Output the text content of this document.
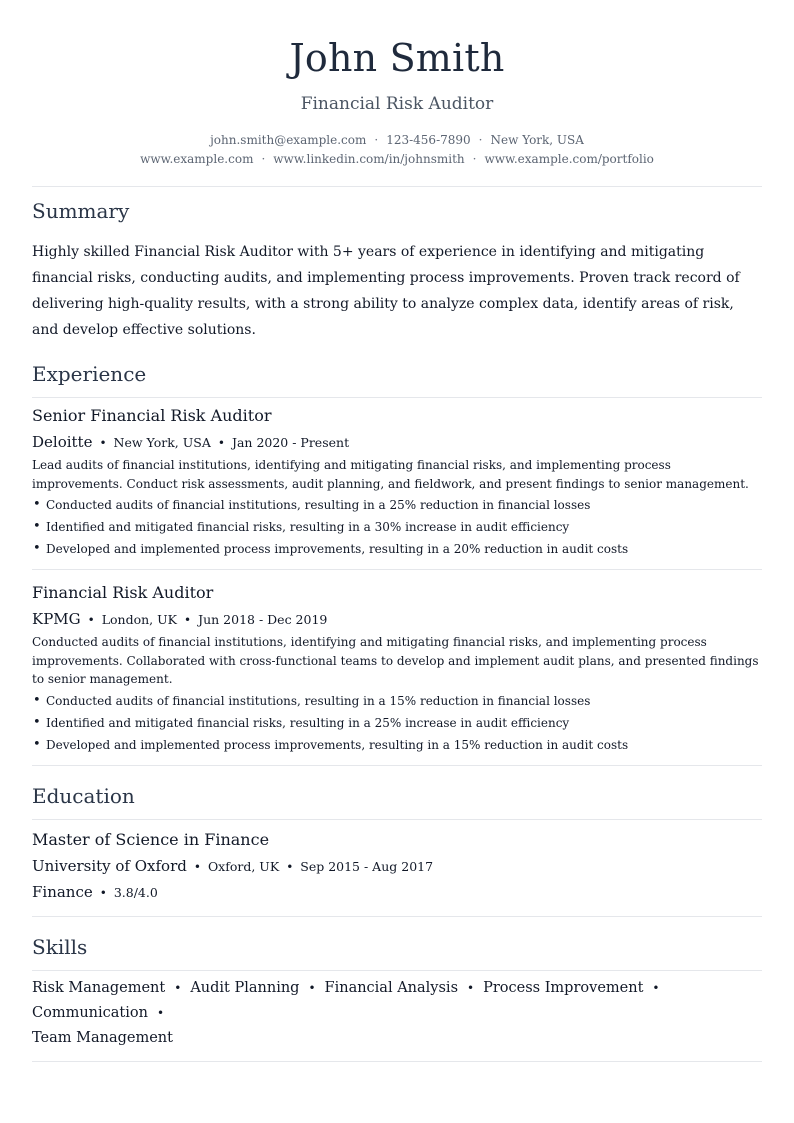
John Smith
Financial Risk Auditor
john.smith@example.com · 123-456-7890 · New York, USA
www.example.com · www.linkedin.com/in/johnsmith · www.example.com/portfolio
Summary

Highly skilled Financial Risk Auditor with 5+ years of experience in identifying and mitigating financial risks, conducting audits, and implementing process improvements. Proven track record of delivering high-quality results, with a strong ability to analyze complex data, identify areas of risk, and develop effective solutions.

Experience
Senior Financial Risk Auditor
Deloitte • New York, USA • Jan 2020 - Present
Lead audits of financial institutions, identifying and mitigating financial risks, and implementing process improvements. Conduct risk assessments, audit planning, and fieldwork, and present findings to senior management.
• Conducted audits of financial institutions, resulting in a 25% reduction in financial losses
• Identified and mitigated financial risks, resulting in a 30% increase in audit efficiency
• Developed and implemented process improvements, resulting in a 20% reduction in audit costs
Financial Risk Auditor
KPMG • London, UK • Jun 2018 - Dec 2019
Conducted audits of financial institutions, identifying and mitigating financial risks, and implementing process improvements. Collaborated with cross-functional teams to develop and implement audit plans, and presented findings to senior management.
• Conducted audits of financial institutions, resulting in a 15% reduction in financial losses
• Identified and mitigated financial risks, resulting in a 25% increase in audit efficiency
• Developed and implemented process improvements, resulting in a 15% reduction in audit costs
Education
Master of Science in Finance
University of Oxford • Oxford, UK • Sep 2015 - Aug 2017
Finance • 3.8/4.0
Skills
Risk Management • Audit Planning • Financial Analysis • Process Improvement •Communication •
Team Management
